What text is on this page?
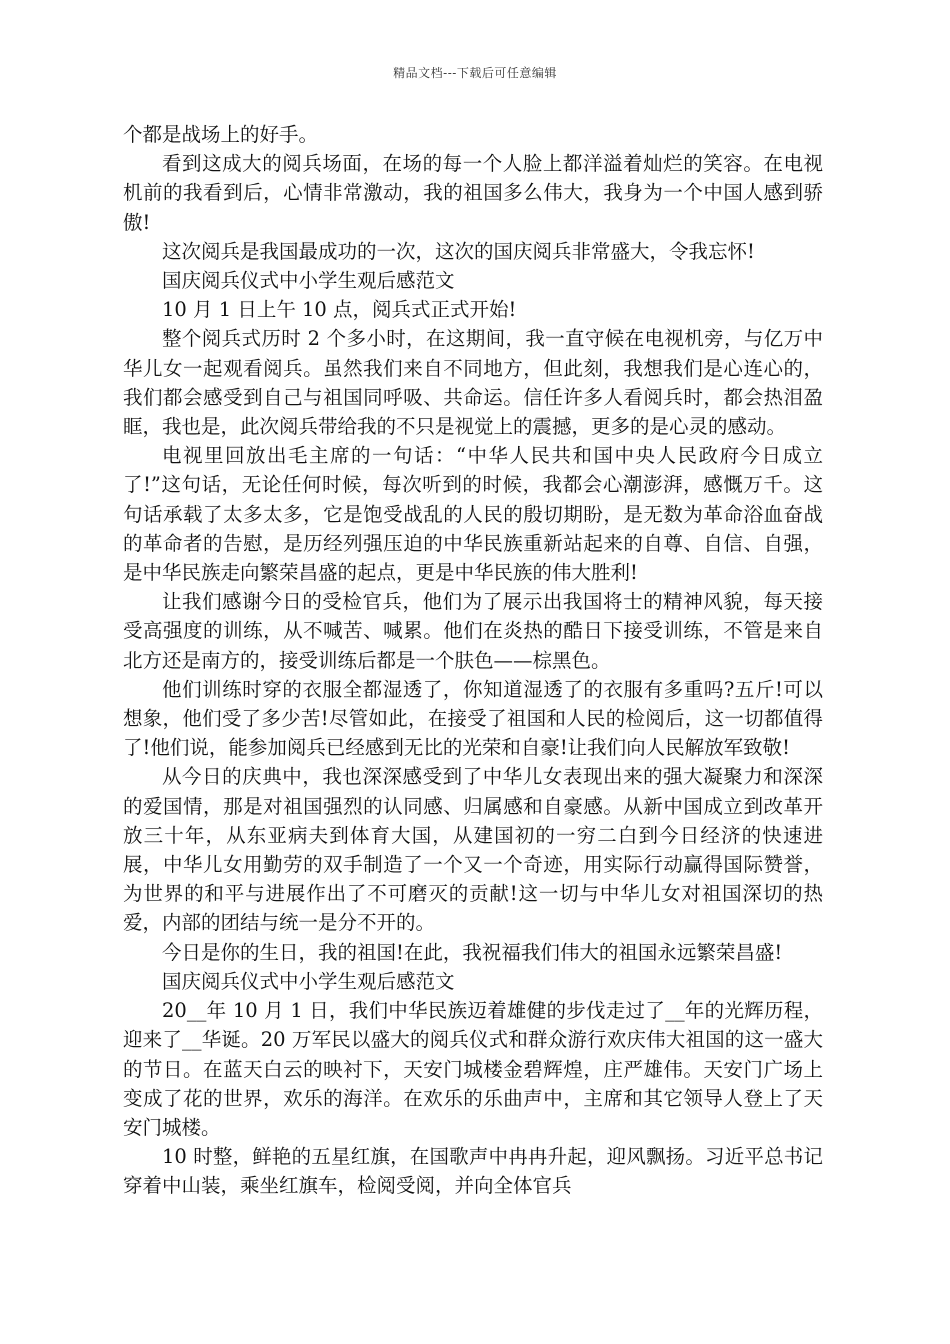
精品文档---下载后可任意编辑

个都是战场上的好手。

看到这成大的阅兵场面，在场的每一个人脸上都洋溢着灿烂的笑容。在电视机前的我看到后，心情非常激动，我的祖国多么伟大，我身为一个中国人感到骄傲!

这次阅兵是我国最成功的一次，这次的国庆阅兵非常盛大，令我忘怀!

国庆阅兵仪式中小学生观后感范文

10 月 1 日上午 10 点，阅兵式正式开始!

整个阅兵式历时 2 个多小时，在这期间，我一直守候在电视机旁，与亿万中华儿女一起观看阅兵。虽然我们来自不同地方，但此刻，我想我们是心连心的，我们都会感受到自己与祖国同呼吸、共命运。信任许多人看阅兵时，都会热泪盈眶，我也是，此次阅兵带给我的不只是视觉上的震撼，更多的是心灵的感动。

电视里回放出毛主席的一句话：“中华人民共和国中央人民政府今日成立了!”这句话，无论任何时候，每次听到的时候，我都会心潮澎湃，感慨万千。这句话承载了太多太多，它是饱受战乱的人民的殷切期盼，是无数为革命浴血奋战的革命者的告慰，是历经列强压迫的中华民族重新站起来的自尊、自信、自强，是中华民族走向繁荣昌盛的起点，更是中华民族的伟大胜利!

让我们感谢今日的受检官兵，他们为了展示出我国将士的精神风貌，每天接受高强度的训练，从不喊苦、喊累。他们在炎热的酷日下接受训练，不管是来自北方还是南方的，接受训练后都是一个肤色——棕黑色。

他们训练时穿的衣服全都湿透了，你知道湿透了的衣服有多重吗?五斤!可以想象，他们受了多少苦!尽管如此，在接受了祖国和人民的检阅后，这一切都值得了!他们说，能参加阅兵已经感到无比的光荣和自豪!让我们向人民解放军致敬!

从今日的庆典中，我也深深感受到了中华儿女表现出来的强大凝聚力和深深的爱国情，那是对祖国强烈的认同感、归属感和自豪感。从新中国成立到改革开放三十年，从东亚病夫到体育大国，从建国初的一穷二白到今日经济的快速进展，中华儿女用勤劳的双手制造了一个又一个奇迹，用实际行动赢得国际赞誉，为世界的和平与进展作出了不可磨灭的贡献!这一切与中华儿女对祖国深切的热爱，内部的团结与统一是分不开的。

今日是你的生日，我的祖国!在此，我祝福我们伟大的祖国永远繁荣昌盛!

国庆阅兵仪式中小学生观后感范文

20__年 10 月 1 日，我们中华民族迈着雄健的步伐走过了__年的光辉历程，迎来了__华诞。20 万军民以盛大的阅兵仪式和群众游行欢庆伟大祖国的这一盛大的节日。在蓝天白云的映衬下，天安门城楼金碧辉煌，庄严雄伟。天安门广场上变成了花的世界，欢乐的海洋。在欢乐的乐曲声中，主席和其它领导人登上了天安门城楼。

10 时整，鲜艳的五星红旗，在国歌声中冉冉升起，迎风飘扬。习近平总书记穿着中山装，乘坐红旗车，检阅受阅，并向全体官兵
